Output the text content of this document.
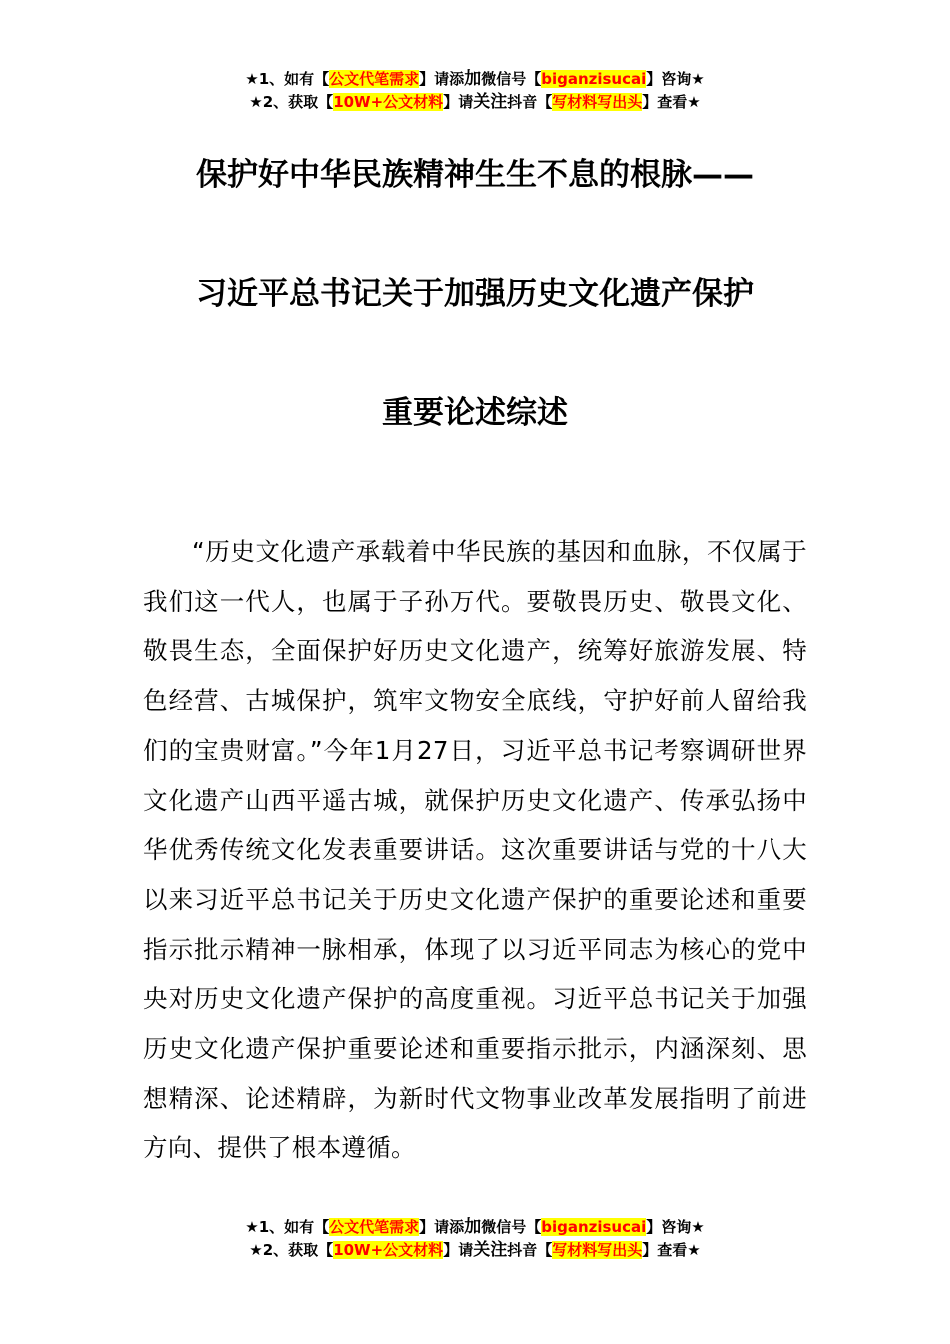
★1、如有【公文代笔需求】请添加微信号【biganzisucai】咨询★
★2、获取【10W+公文材料】请关注抖音【写材料写出头】查看★
保护好中华民族精神生生不息的根脉——
习近平总书记关于加强历史文化遗产保护
重要论述综述

“历史文化遗产承载着中华民族的基因和血脉，不仅属于我们这一代人，也属于子孙万代。要敬畏历史、敬畏文化、敬畏生态，全面保护好历史文化遗产，统筹好旅游发展、特色经营、古城保护，筑牢文物安全底线，守护好前人留给我们的宝贵财富。”今年1月27日，习近平总书记考察调研世界文化遗产山西平遥古城，就保护历史文化遗产、传承弘扬中华优秀传统文化发表重要讲话。这次重要讲话与党的十八大以来习近平总书记关于历史文化遗产保护的重要论述和重要指示批示精神一脉相承，体现了以习近平同志为核心的党中央对历史文化遗产保护的高度重视。习近平总书记关于加强历史文化遗产保护重要论述和重要指示批示，内涵深刻、思想精深、论述精辟，为新时代文物事业改革发展指明了前进方向、提供了根本遵循。

★1、如有【公文代笔需求】请添加微信号【biganzisucai】咨询★
★2、获取【10W+公文材料】请关注抖音【写材料写出头】查看★
